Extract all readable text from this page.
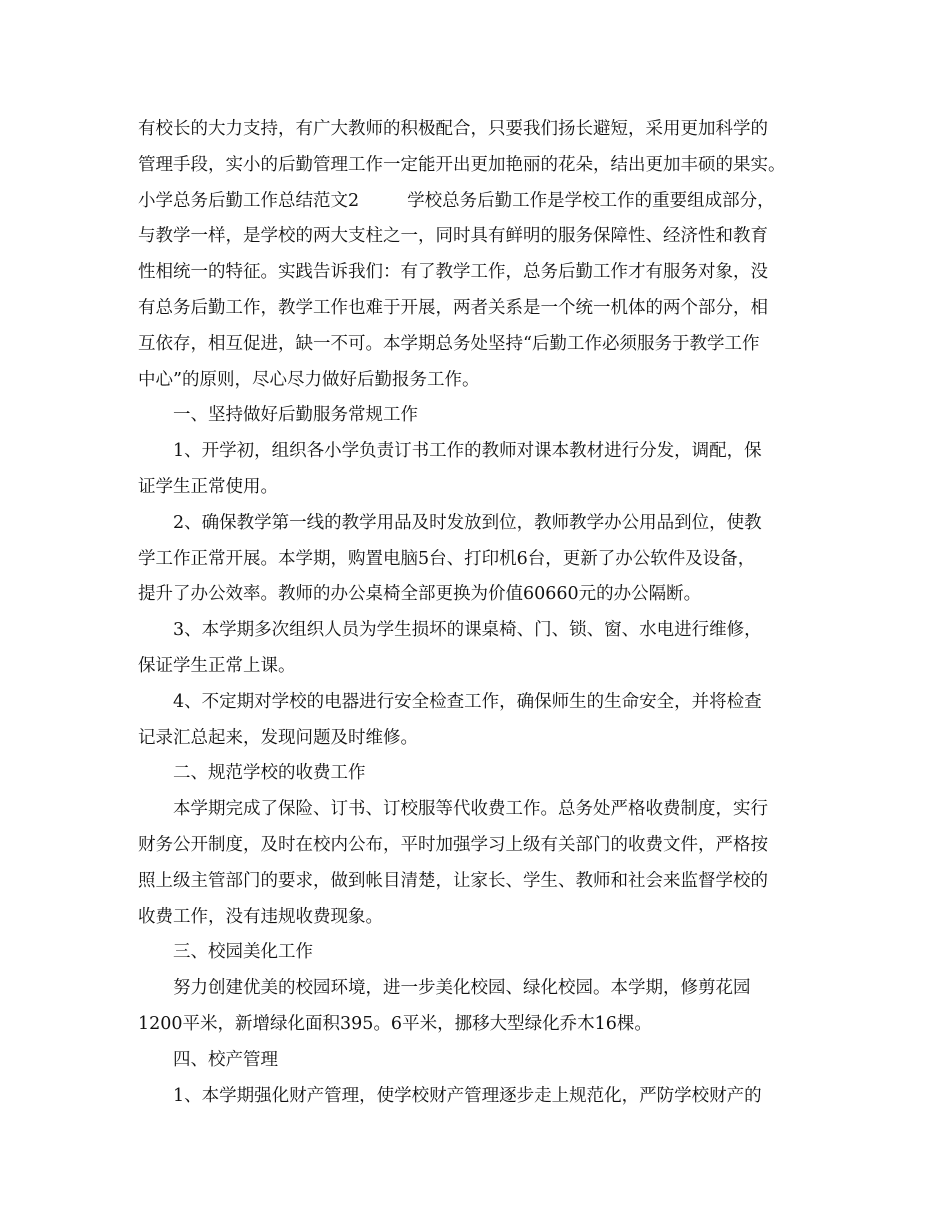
有校长的大力支持，有广大教师的积极配合，只要我们扬长避短，采用更加科学的
管理手段，实小的后勤管理工作一定能开出更加艳丽的花朵，结出更加丰硕的果实。
小学总务后勤工作总结范文2	学校总务后勤工作是学校工作的重要组成部分，
与教学一样，是学校的两大支柱之一，同时具有鲜明的服务保障性、经济性和教育
性相统一的特征。实践告诉我们：有了教学工作，总务后勤工作才有服务对象，没
有总务后勤工作，教学工作也难于开展，两者关系是一个统一机体的两个部分，相
互依存，相互促进，缺一不可。本学期总务处坚持“后勤工作必须服务于教学工作
中心”的原则，尽心尽力做好后勤报务工作。
一、坚持做好后勤服务常规工作
1、开学初，组织各小学负责订书工作的教师对课本教材进行分发，调配，保
证学生正常使用。
2、确保教学第一线的教学用品及时发放到位，教师教学办公用品到位，使教
学工作正常开展。本学期，购置电脑5台、打印机6台，更新了办公软件及设备，
提升了办公效率。教师的办公桌椅全部更换为价值60660元的办公隔断。
3、本学期多次组织人员为学生损坏的课桌椅、门、锁、窗、水电进行维修，
保证学生正常上课。
4、不定期对学校的电器进行安全检查工作，确保师生的生命安全，并将检查
记录汇总起来，发现问题及时维修。
二、规范学校的收费工作
本学期完成了保险、订书、订校服等代收费工作。总务处严格收费制度，实行
财务公开制度，及时在校内公布，平时加强学习上级有关部门的收费文件，严格按
照上级主管部门的要求，做到帐目清楚，让家长、学生、教师和社会来监督学校的
收费工作，没有违规收费现象。
三、校园美化工作
努力创建优美的校园环境，进一步美化校园、绿化校园。本学期，修剪花园
1200平米，新增绿化面积395。6平米，挪移大型绿化乔木16棵。
四、校产管理
1、本学期强化财产管理，使学校财产管理逐步走上规范化，严防学校财产的
